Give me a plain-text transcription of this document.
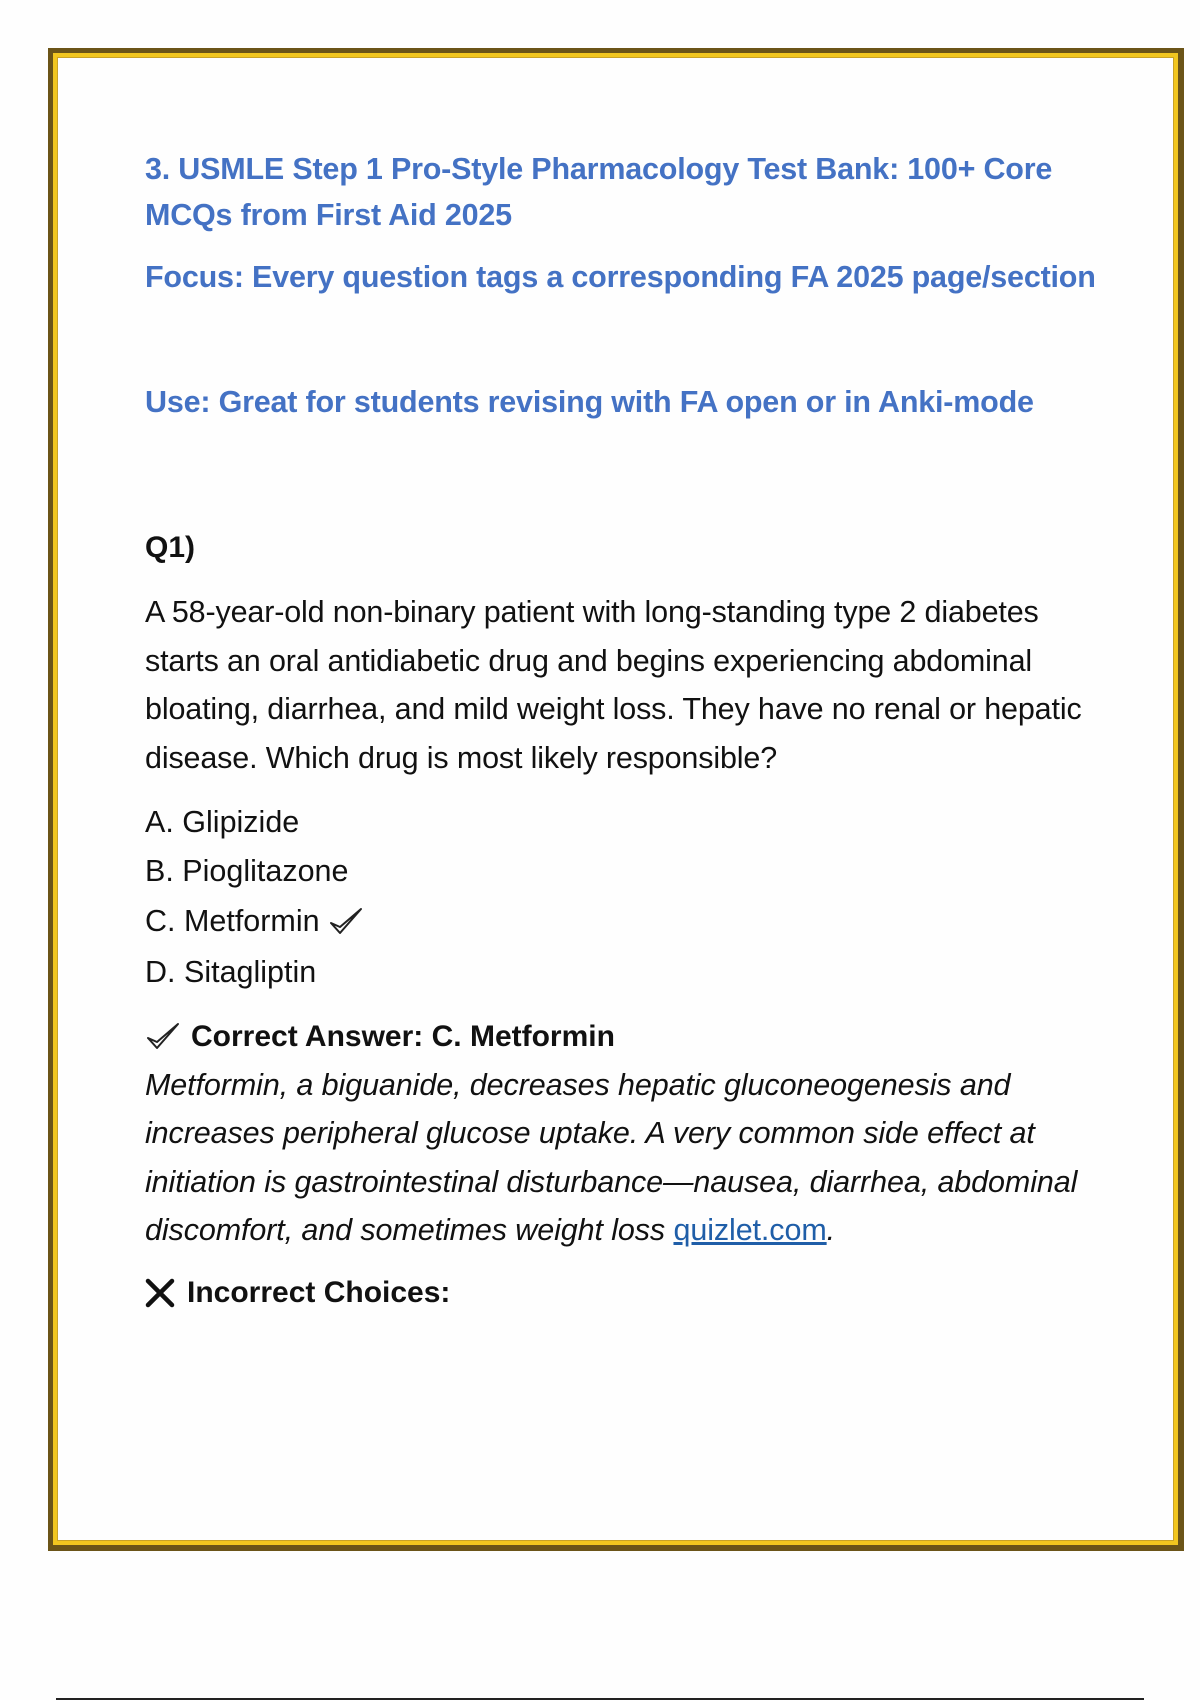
3. USMLE Step 1 Pro-Style Pharmacology Test Bank: 100+ Core MCQs from First Aid 2025

Focus: Every question tags a corresponding FA 2025 page/section

Use: Great for students revising with FA open or in Anki-mode

Q1)

A 58-year-old non-binary patient with long-standing type 2 diabetes starts an oral antidiabetic drug and begins experiencing abdominal bloating, diarrhea, and mild weight loss. They have no renal or hepatic disease. Which drug is most likely responsible?

A. Glipizide
B. Pioglitazone
C. Metformin
D. Sitagliptin
Correct Answer: C. Metformin

Metformin, a biguanide, decreases hepatic gluconeogenesis and increases peripheral glucose uptake. A very common side effect at initiation is gastrointestinal disturbance—nausea, diarrhea, abdominal discomfort, and sometimes weight loss quizlet.com.

Incorrect Choices:
